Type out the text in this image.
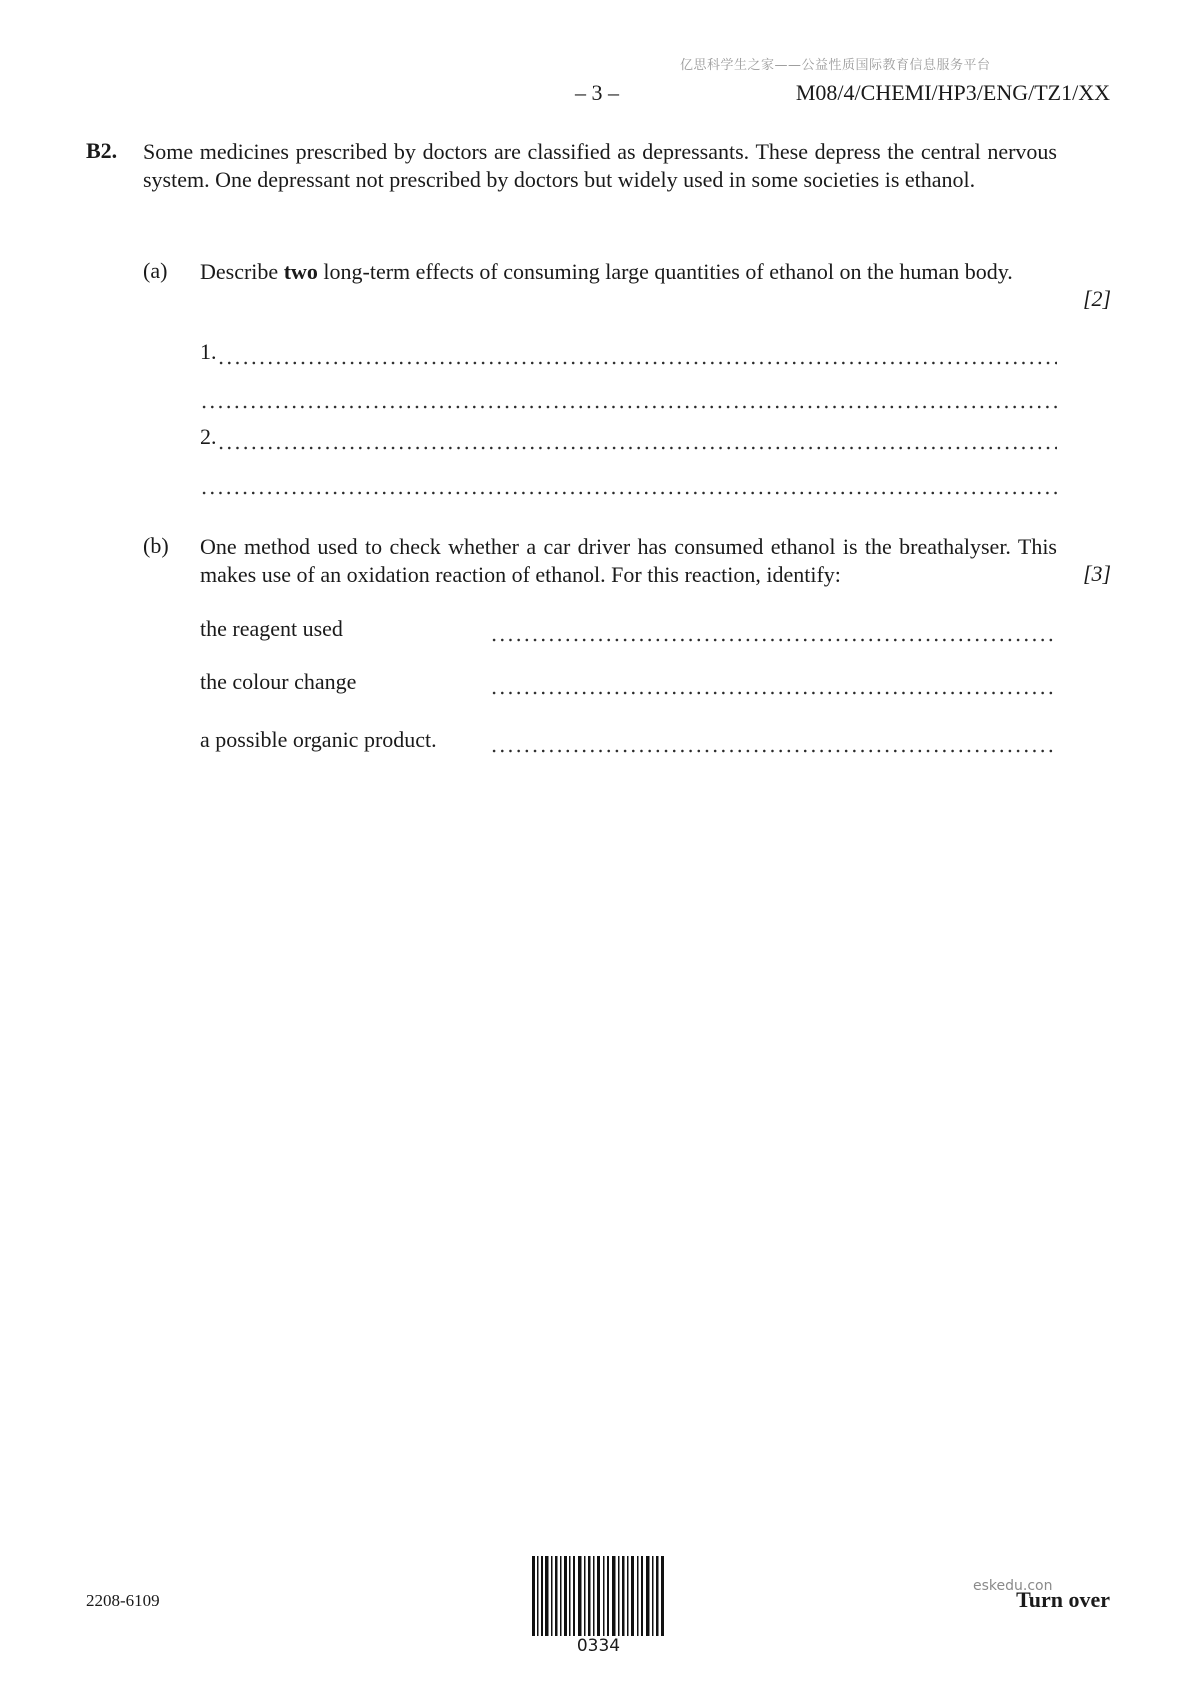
亿思科学生之家——公益性质国际教育信息服务平台
– 3 –	M08/4/CHEMI/HP3/ENG/TZ1/XX
B2. Some medicines prescribed by doctors are classified as depressants. These depress the central nervous system. One depressant not prescribed by doctors but widely used in some societies is ethanol.
(a) Describe two long-term effects of consuming large quantities of ethanol on the human body.
[2]
1.
2.
(b) One method used to check whether a car driver has consumed ethanol is the breathalyser. This makes use of an oxidation reaction of ethanol. For this reaction, identify:	[3]
the reagent used
the colour change
a possible organic product.
2208-6109
0334
eskedu.con
Turn over
